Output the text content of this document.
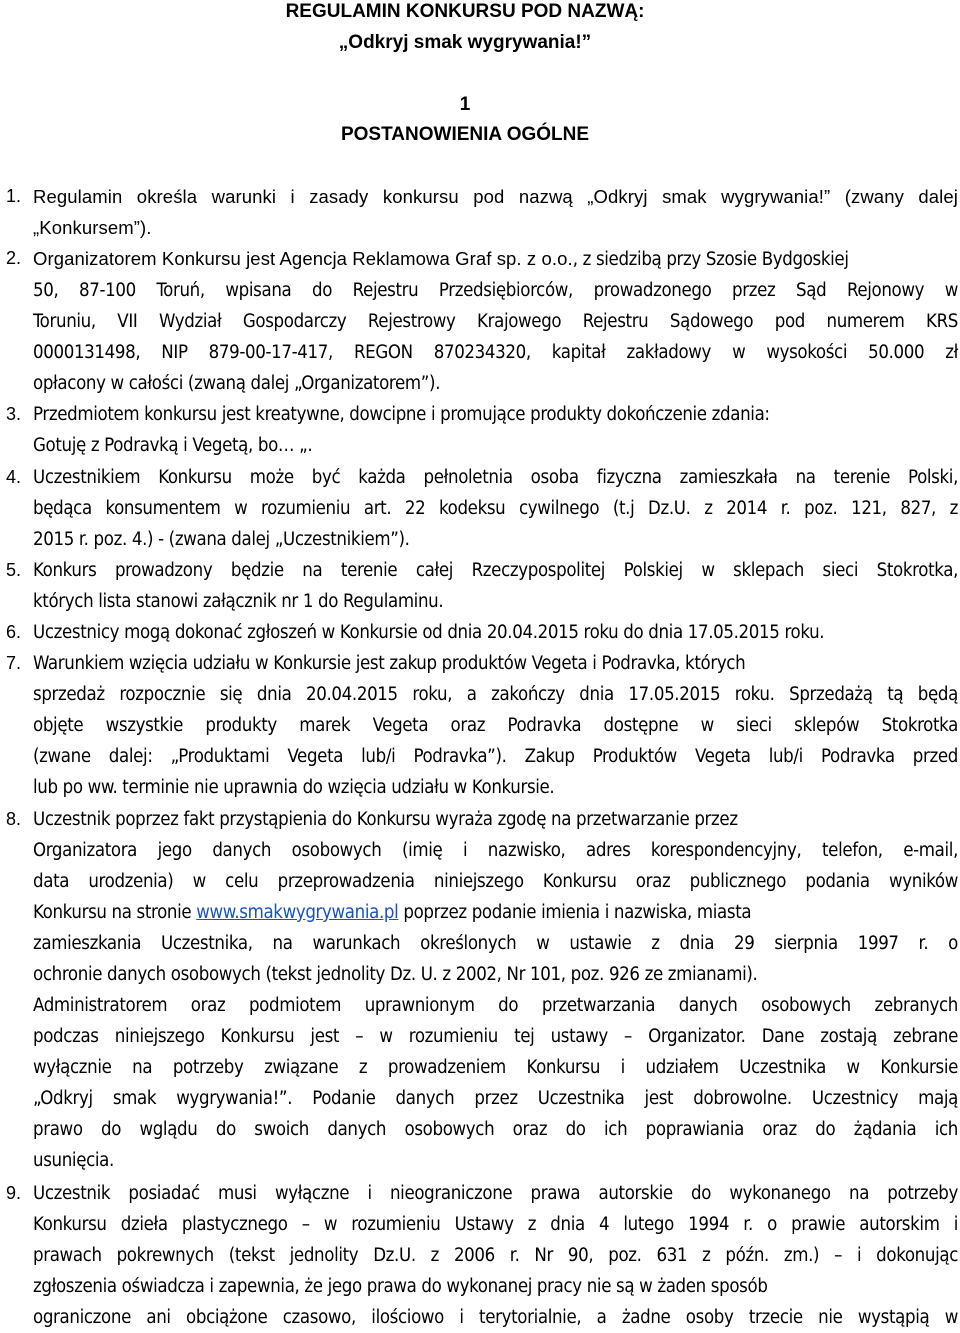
REGULAMIN KONKURSU POD NAZWĄ:
„Odkryj smak wygrywania!”
1
POSTANOWIENIA OGÓLNE
1. Regulamin określa warunki i zasady konkursu pod nazwą „Odkryj smak wygrywania!” (zwany dalej
„Konkursem”).
2. Organizatorem Konkursu jest Agencja Reklamowa Graf sp. z o.o., z siedzibą przy Szosie Bydgoskiej
50, 87-100 Toruń, wpisana do Rejestru Przedsiębiorców, prowadzonego przez Sąd Rejonowy w
Toruniu, VII Wydział Gospodarczy Rejestrowy Krajowego Rejestru Sądowego pod numerem KRS
0000131498, NIP 879-00-17-417, REGON 870234320, kapitał zakładowy w wysokości 50.000 zł
opłacony w całości (zwaną dalej „Organizatorem”).
3. Przedmiotem konkursu jest kreatywne, dowcipne i promujące produkty dokończenie zdania:
Gotuję z Podravką i Vegetą, bo… „.
4. Uczestnikiem Konkursu może być każda pełnoletnia osoba fizyczna zamieszkała na terenie Polski,
będąca konsumentem w rozumieniu art. 22 kodeksu cywilnego (t.j Dz.U. z 2014 r. poz. 121, 827, z
2015 r. poz. 4.) - (zwana dalej „Uczestnikiem”).
5. Konkurs prowadzony będzie na terenie całej Rzeczypospolitej Polskiej w sklepach sieci Stokrotka,
których lista stanowi załącznik nr 1 do Regulaminu.
6. Uczestnicy mogą dokonać zgłoszeń w Konkursie od dnia 20.04.2015 roku do dnia 17.05.2015 roku.
7. Warunkiem wzięcia udziału w Konkursie jest zakup produktów Vegeta i Podravka, których
sprzedaż rozpocznie się dnia 20.04.2015 roku, a zakończy dnia 17.05.2015 roku. Sprzedażą tą będą
objęte wszystkie produkty marek Vegeta oraz Podravka dostępne w sieci sklepów Stokrotka
(zwane dalej: „Produktami Vegeta lub/i Podravka”). Zakup Produktów Vegeta lub/i Podravka przed
lub po ww. terminie nie uprawnia do wzięcia udziału w Konkursie.
8. Uczestnik poprzez fakt przystąpienia do Konkursu wyraża zgodę na przetwarzanie przez
Organizatora jego danych osobowych (imię i nazwisko, adres korespondencyjny, telefon, e-mail,
data urodzenia) w celu przeprowadzenia niniejszego Konkursu oraz publicznego podania wyników
Konkursu na stronie www.smakwygrywania.pl poprzez podanie imienia i nazwiska, miasta
zamieszkania Uczestnika, na warunkach określonych w ustawie z dnia 29 sierpnia 1997 r. o
ochronie danych osobowych (tekst jednolity Dz. U. z 2002, Nr 101, poz. 926 ze zmianami).
Administratorem oraz podmiotem uprawnionym do przetwarzania danych osobowych zebranych
podczas niniejszego Konkursu jest – w rozumieniu tej ustawy – Organizator. Dane zostają zebrane
wyłącznie na potrzeby związane z prowadzeniem Konkursu i udziałem Uczestnika w Konkursie
„Odkryj smak wygrywania!”. Podanie danych przez Uczestnika jest dobrowolne. Uczestnicy mają
prawo do wglądu do swoich danych osobowych oraz do ich poprawiania oraz do żądania ich
usunięcia.
9. Uczestnik posiadać musi wyłączne i nieograniczone prawa autorskie do wykonanego na potrzeby
Konkursu dzieła plastycznego – w rozumieniu Ustawy z dnia 4 lutego 1994 r. o prawie autorskim i
prawach pokrewnych (tekst jednolity Dz.U. z 2006 r. Nr 90, poz. 631 z późn. zm.) – i dokonując
zgłoszenia oświadcza i zapewnia, że jego prawa do wykonanej pracy nie są w żaden sposób
ograniczone ani obciążone czasowo, ilościowo i terytorialnie, a żadne osoby trzecie nie wystąpią w
